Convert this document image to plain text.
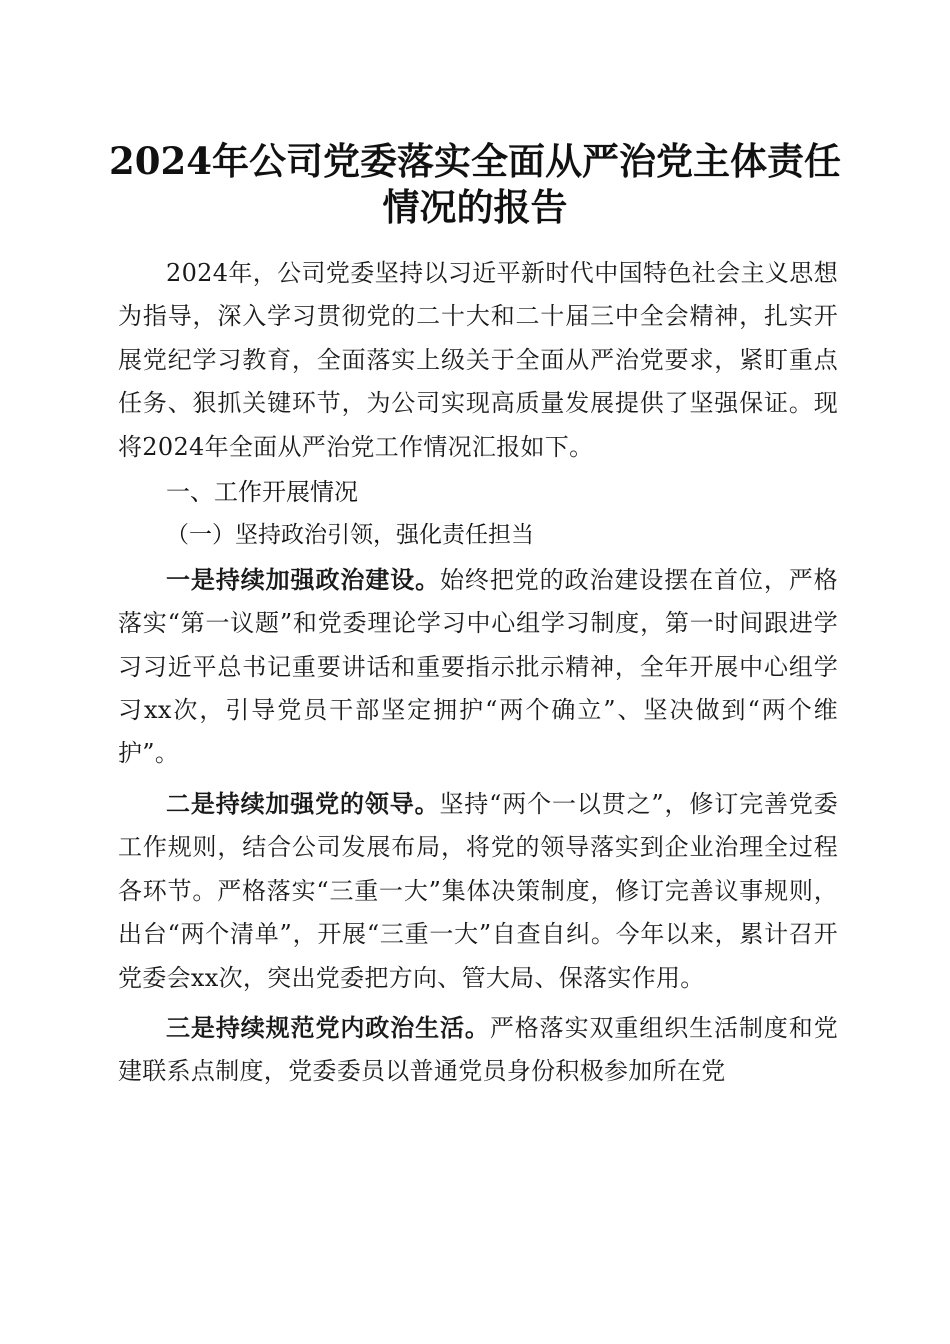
2024年公司党委落实全面从严治党主体责任
情况的报告

2024年，公司党委坚持以习近平新时代中国特色社会主义思想为指导，深入学习贯彻党的二十大和二十届三中全会精神，扎实开展党纪学习教育，全面落实上级关于全面从严治党要求，紧盯重点任务、狠抓关键环节，为公司实现高质量发展提供了坚强保证。现将2024年全面从严治党工作情况汇报如下。

一、工作开展情况

（一）坚持政治引领，强化责任担当

一是持续加强政治建设。始终把党的政治建设摆在首位，严格落实“第一议题”和党委理论学习中心组学习制度，第一时间跟进学习习近平总书记重要讲话和重要指示批示精神，全年开展中心组学习xx次，引导党员干部坚定拥护“两个确立”、坚决做到“两个维护”。

二是持续加强党的领导。坚持“两个一以贯之”，修订完善党委工作规则，结合公司发展布局，将党的领导落实到企业治理全过程各环节。严格落实“三重一大”集体决策制度，修订完善议事规则，出台“两个清单”，开展“三重一大”自查自纠。今年以来，累计召开党委会xx次，突出党委把方向、管大局、保落实作用。

三是持续规范党内政治生活。严格落实双重组织生活制度和党建联系点制度，党委委员以普通党员身份积极参加所在党
